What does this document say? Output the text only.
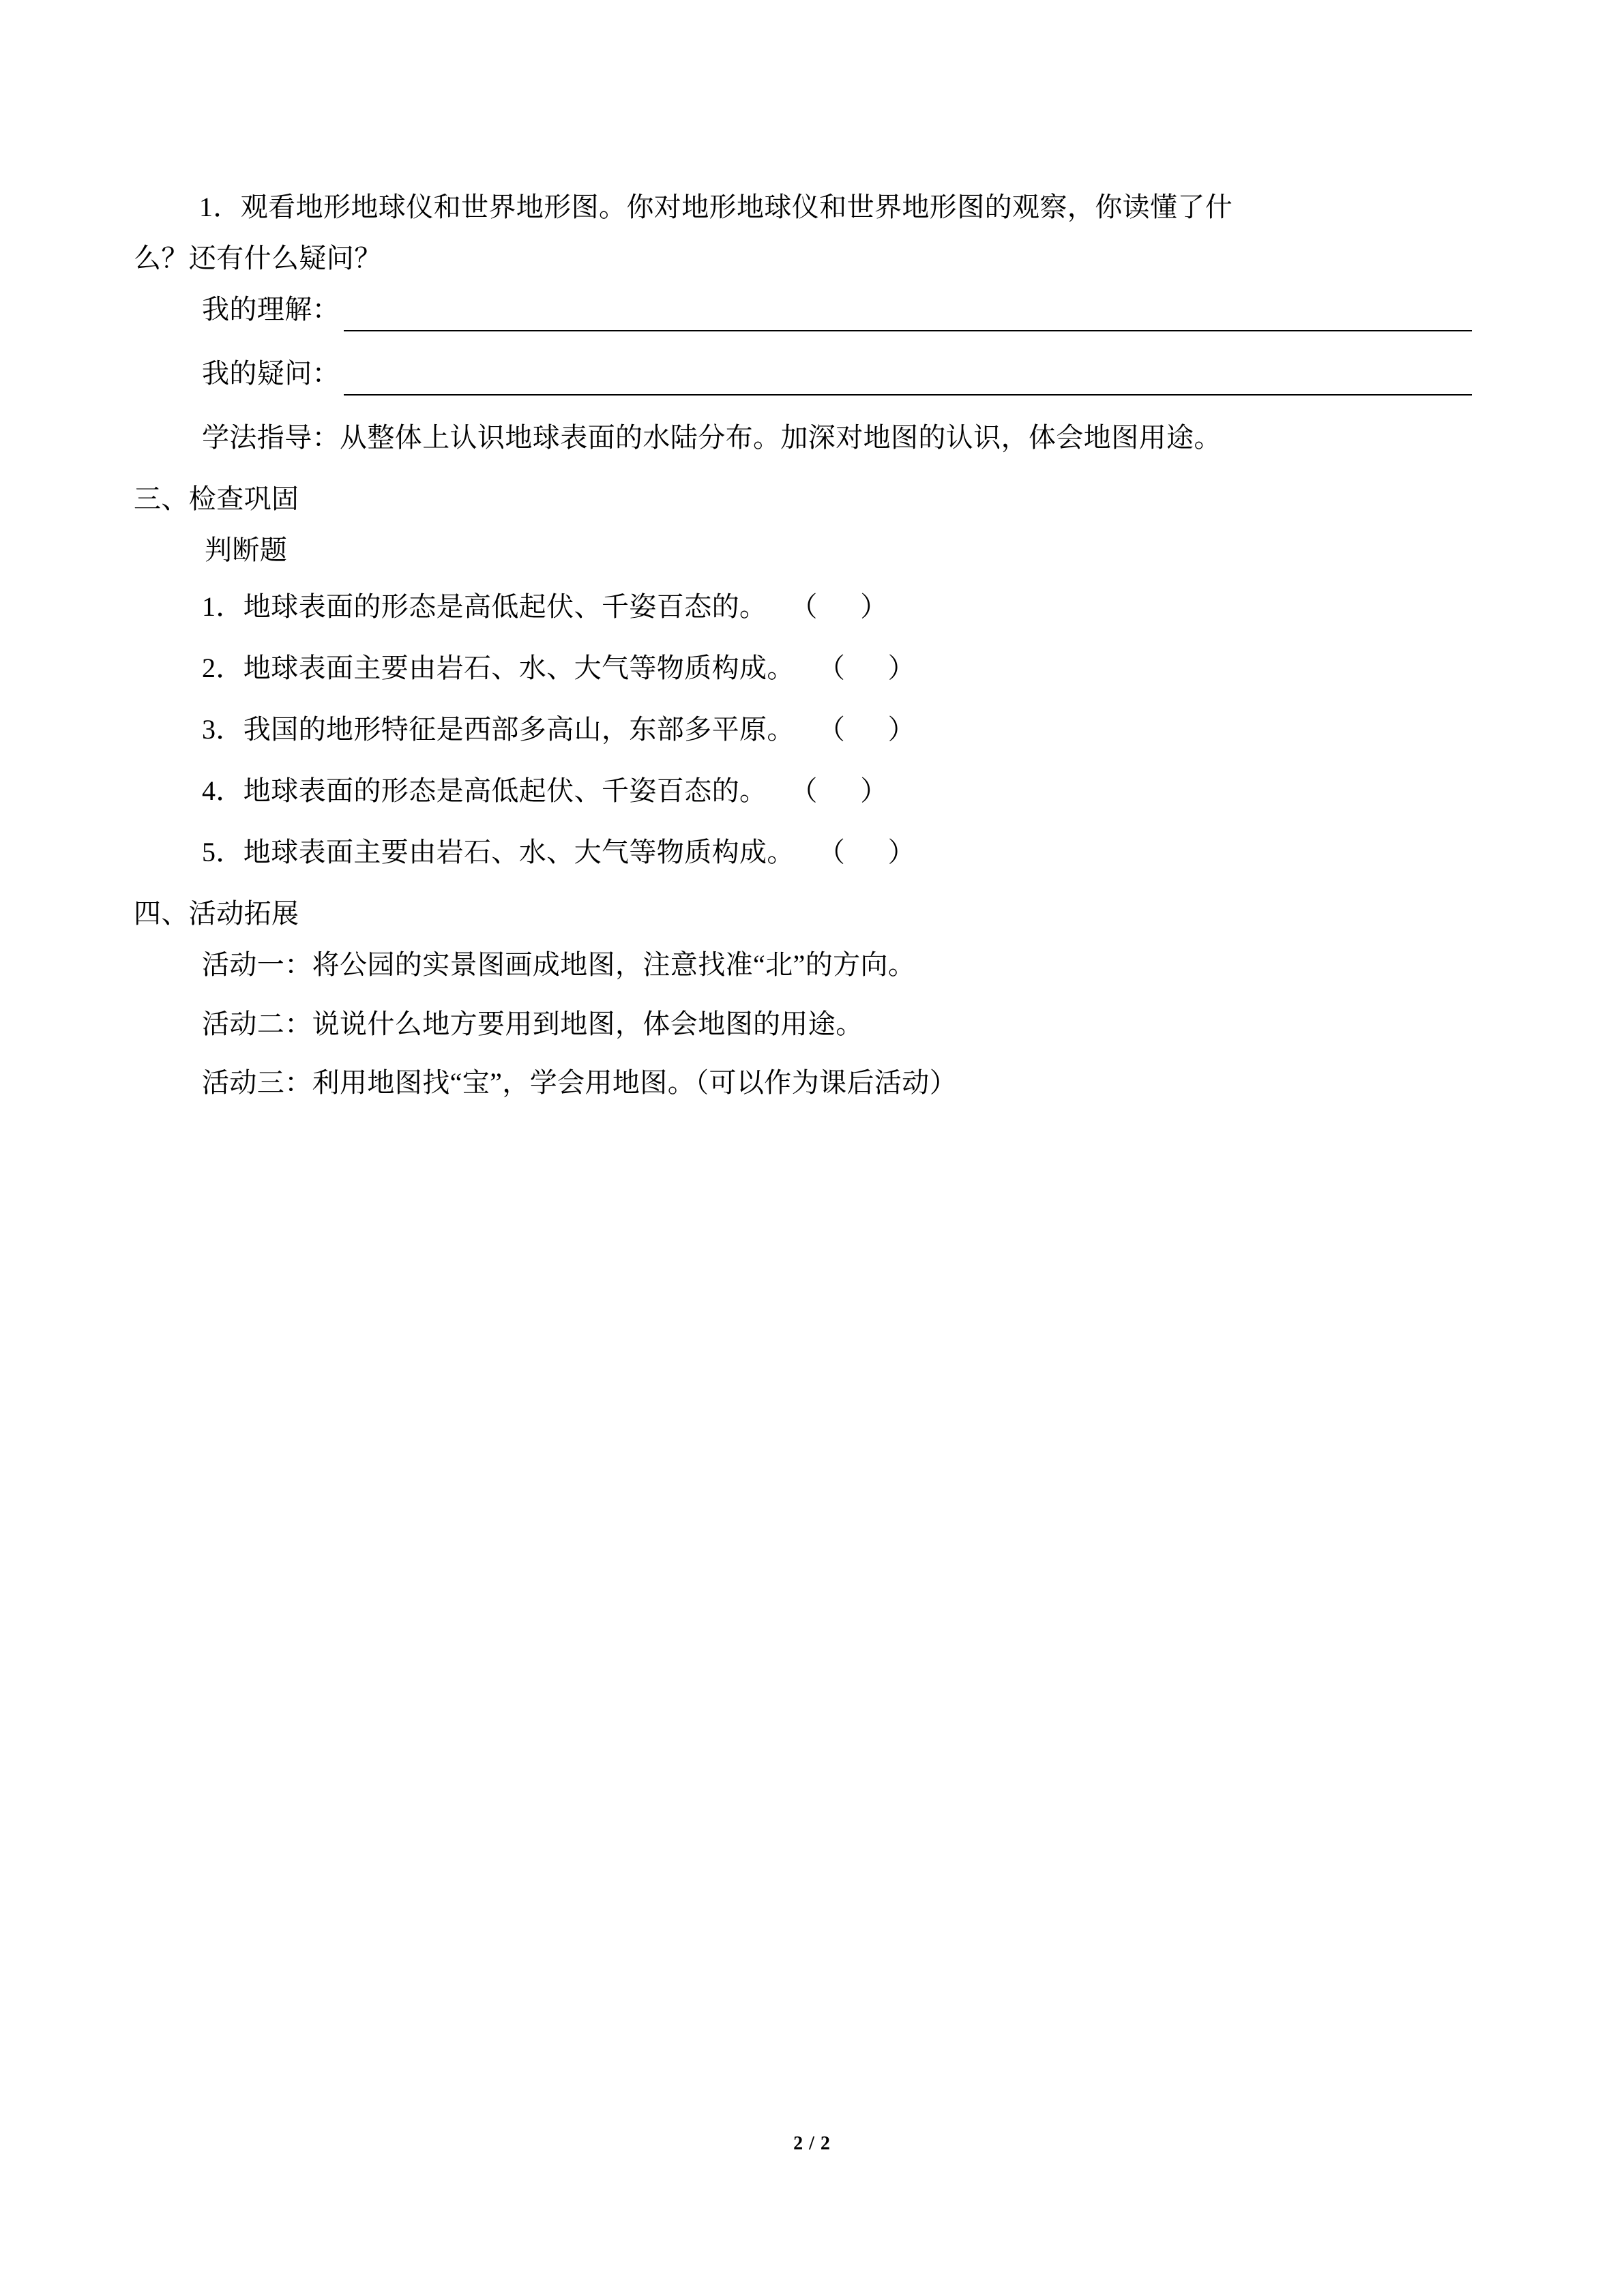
1．观看地形地球仪和世界地形图。你对地形地球仪和世界地形图的观察，你读懂了什

么？还有什么疑问？

我的理解：
我的疑问：

学法指导：从整体上认识地球表面的水陆分布。加深对地图的认识，体会地图用途。

三、检查巩固

判断题

1．地球表面的形态是高低起伏、千姿百态的。 （      ）
2．地球表面主要由岩石、水、大气等物质构成。 （      ）
3．我国的地形特征是西部多高山，东部多平原。 （      ）
4．地球表面的形态是高低起伏、千姿百态的。 （      ）
5．地球表面主要由岩石、水、大气等物质构成。 （      ）

四、活动拓展

活动一：将公园的实景图画成地图，注意找准“北”的方向。

活动二：说说什么地方要用到地图，体会地图的用途。

活动三：利用地图找“宝”，学会用地图。（可以作为课后活动）

2 / 2
